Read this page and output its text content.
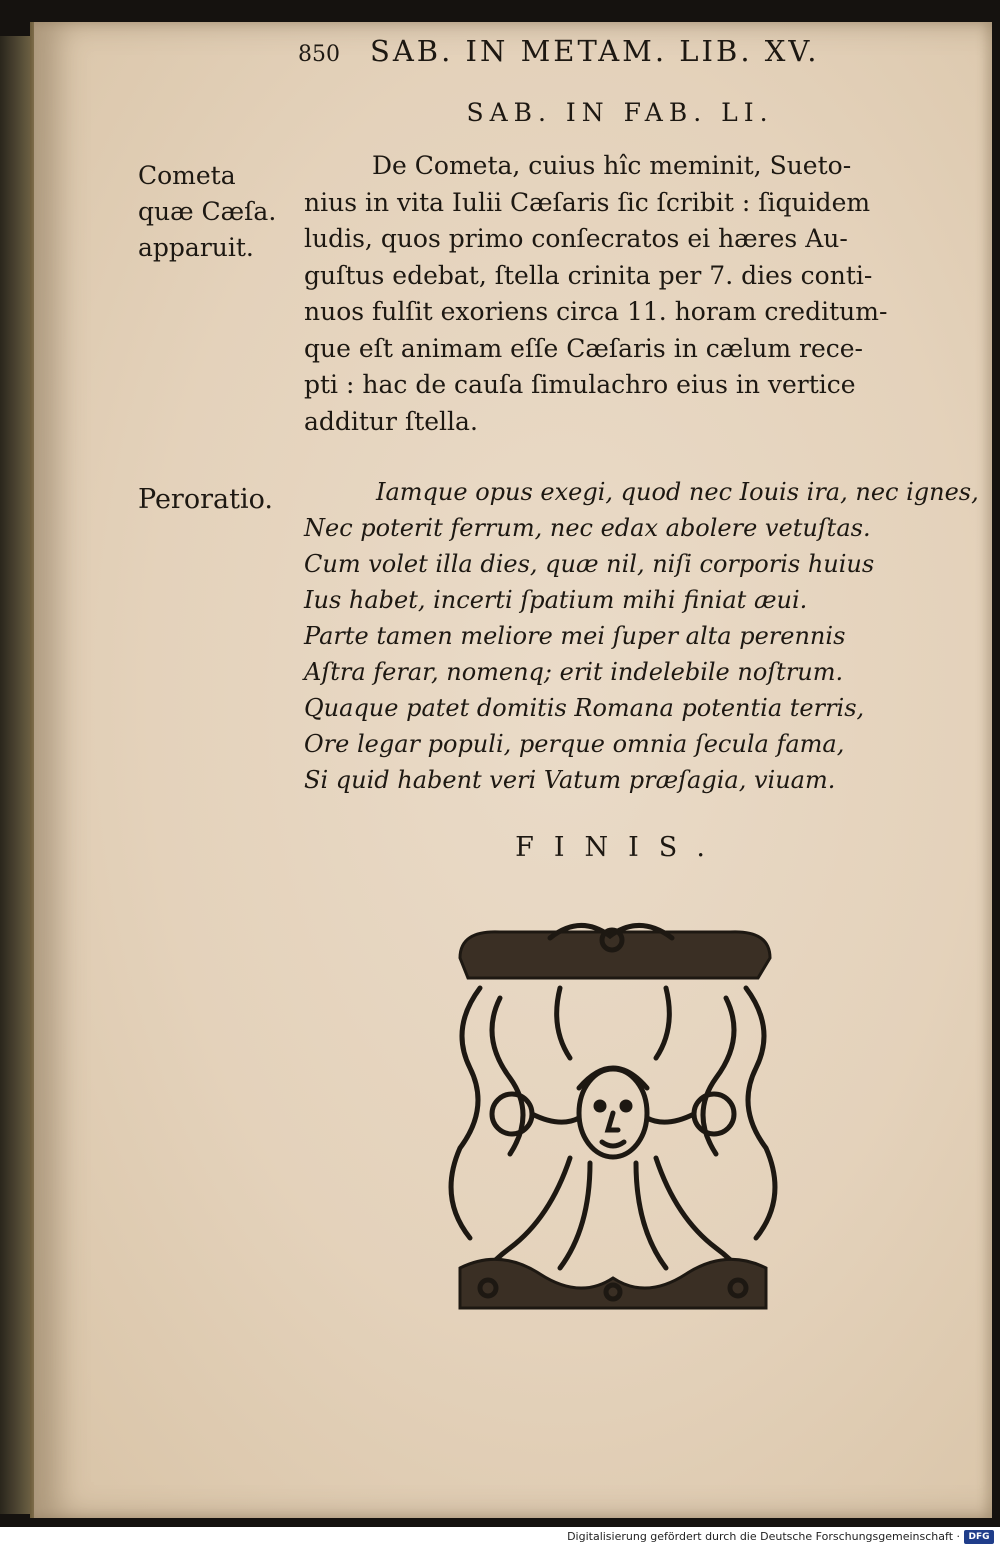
850 SAB. IN METAM. LIB. XV.
SAB. IN FAB. LI.
Cometa
quæ Cæſa.
apparuit.
De Cometa, cuius hîc meminit, Sueto-
nius in vita Iulii Cæſaris ſic ſcribit : ſiquidem
ludis, quos primo conſecratos ei hæres Au-
guſtus edebat, ſtella crinita per 7. dies conti-
nuos fulſit exoriens circa 11. horam creditum-
que eſt animam eſſe Cæſaris in cælum rece-
pti : hac de cauſa ſimulachro eius in vertice
additur ſtella.
Peroratio.	Iamque opus exegi, quod nec Iouis ira, nec ignes,
Nec poterit ferrum, nec edax abolere vetuſtas.
Cum volet illa dies, quæ nil, niſi corporis huius
Ius habet, incerti ſpatium mihi finiat æui.
Parte tamen meliore mei ſuper alta perennis
Aſtra ferar, nomenq; erit indelebile noſtrum.
Quaque patet domitis Romana potentia terris,
Ore legar populi, perque omnia ſecula fama,
Si quid habent veri Vatum præſagia, viuam.
FINIS.
Digitalisierung gefördert durch die Deutsche Forschungsgemeinschaft · DFG
